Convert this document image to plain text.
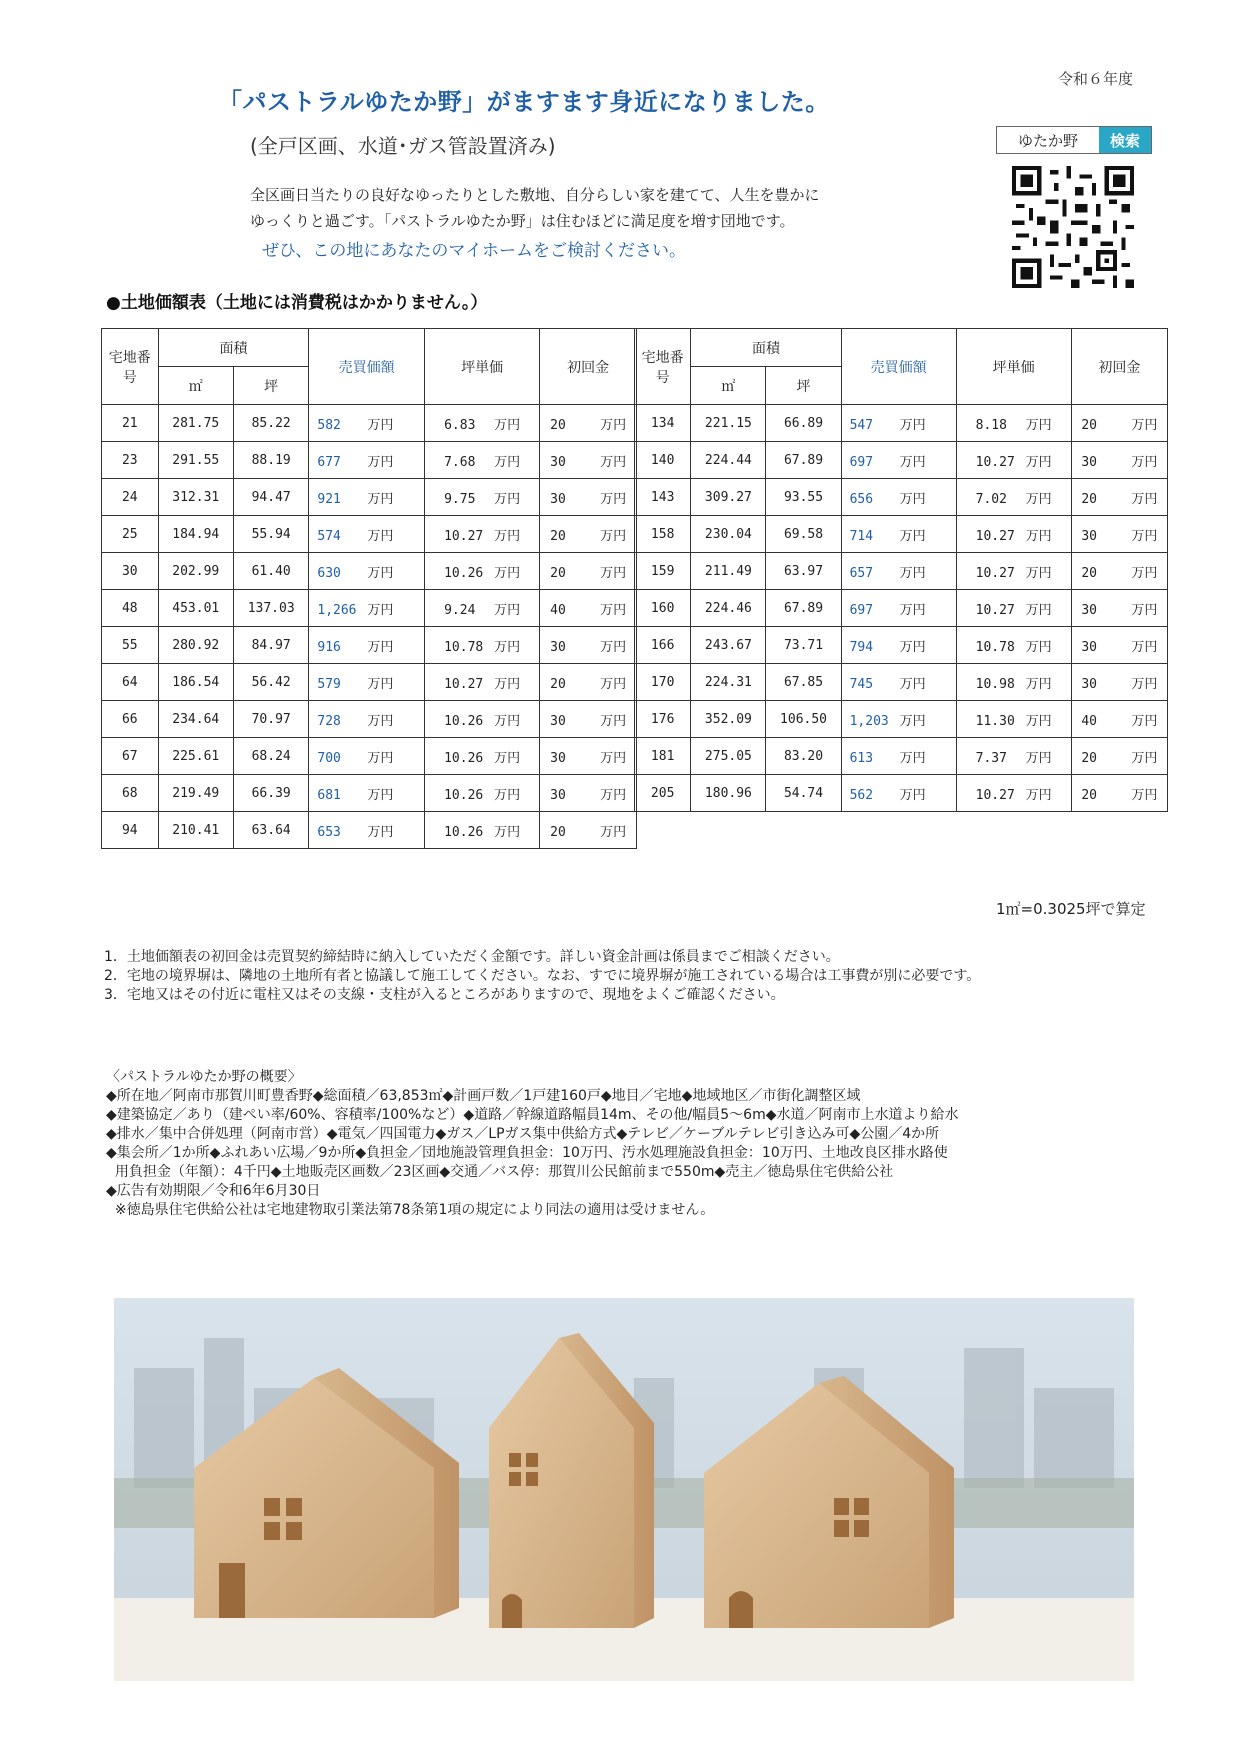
令和６年度
「パストラルゆたか野」がますます身近になりました。
(全戸区画、水道･ガス管設置済み)	ゆたか野	検索
全区画日当たりの良好なゆったりとした敷地、自分らしい家を建てて、人生を豊かに
ゆっくりと過ごす。「パストラルゆたか野」は住むほどに満足度を増す団地です。
ぜひ、この地にあなたのマイホームをご検討ください。
●土地価額表（土地には消費税はかかりません。）
宅地番号	面積		売買価額	坪単価	初回金
	㎡	坪			
21	281.75	85.22	582 万円	6.83 万円	20 万円
23	291.55	88.19	677 万円	7.68 万円	30 万円
24	312.31	94.47	921 万円	9.75 万円	30 万円
25	184.94	55.94	574 万円	10.27 万円	20 万円
30	202.99	61.40	630 万円	10.26 万円	20 万円
48	453.01	137.03	1,266 万円	9.24 万円	40 万円
55	280.92	84.97	916 万円	10.78 万円	30 万円
64	186.54	56.42	579 万円	10.27 万円	20 万円
66	234.64	70.97	728 万円	10.26 万円	30 万円
67	225.61	68.24	700 万円	10.26 万円	30 万円
68	219.49	66.39	681 万円	10.26 万円	30 万円
94	210.41	63.64	653 万円	10.26 万円	20 万円
宅地番号	面積		売買価額	坪単価	初回金
	㎡	坪			
134	221.15	66.89	547 万円	8.18 万円	20 万円
140	224.44	67.89	697 万円	10.27 万円	30 万円
143	309.27	93.55	656 万円	7.02 万円	20 万円
158	230.04	69.58	714 万円	10.27 万円	30 万円
159	211.49	63.97	657 万円	10.27 万円	20 万円
160	224.46	67.89	697 万円	10.27 万円	30 万円
166	243.67	73.71	794 万円	10.78 万円	30 万円
170	224.31	67.85	745 万円	10.98 万円	30 万円
176	352.09	106.50	1,203 万円	11.30 万円	40 万円
181	275.05	83.20	613 万円	7.37 万円	20 万円
205	180.96	54.74	562 万円	10.27 万円	20 万円
1㎡=0.3025坪で算定
1．土地価額表の初回金は売買契約締結時に納入していただく金額です。詳しい資金計画は係員までご相談ください。
2．宅地の境界塀は、隣地の土地所有者と協議して施工してください。なお、すでに境界塀が施工されている場合は工事費が別に必要です。
3．宅地又はその付近に電柱又はその支線・支柱が入るところがありますので、現地をよくご確認ください。
〈パストラルゆたか野の概要〉
◆所在地／阿南市那賀川町豊香野◆総面積／63,853㎡◆計画戸数／1戸建160戸◆地目／宅地◆地域地区／市街化調整区域
◆建築協定／あり（建ぺい率/60%、容積率/100%など）◆道路／幹線道路幅員14m、その他/幅員5～6m◆水道／阿南市上水道より給水
◆排水／集中合併処理（阿南市営）◆電気／四国電力◆ガス／LPガス集中供給方式◆テレビ／ケーブルテレビ引き込み可◆公園／4か所
◆集会所／1か所◆ふれあい広場／9か所◆負担金／団地施設管理負担金：10万円、汚水処理施設負担金：10万円、土地改良区排水路使
用負担金（年額）：4千円◆土地販売区画数／23区画◆交通／バス停：那賀川公民館前まで550m◆売主／徳島県住宅供給公社
◆広告有効期限／令和6年6月30日
※徳島県住宅供給公社は宅地建物取引業法第78条第1項の規定により同法の適用は受けません。
